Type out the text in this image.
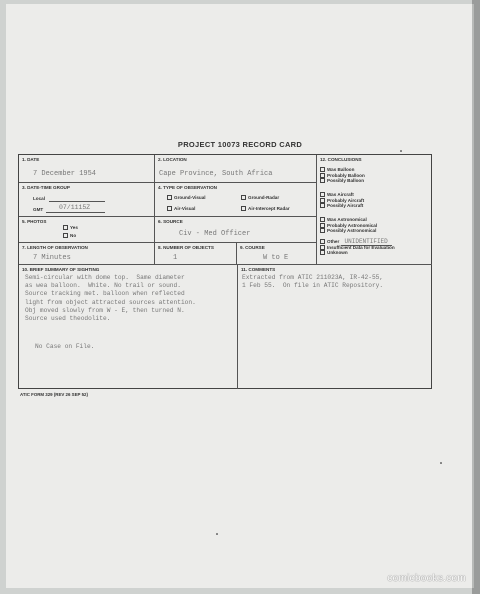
PROJECT 10073 RECORD CARD
1. DATE
7 December 1954
2. LOCATION
Cape Province, South Africa
3. DATE-TIME GROUP
Local
GMT 07/1115Z
4. TYPE OF OBSERVATION
Ground-Visual	Ground-Radar
Air-Visual	Air-Intercept Radar
5. PHOTOS
Yes
No
6. SOURCE
Civ - Med Officer
7. LENGTH OF OBSERVATION
7 Minutes
8. NUMBER OF OBJECTS
1
9. COURSE
W to E
12. CONCLUSIONS
Was Balloon
Probably Balloon
Possibly Balloon
Was Aircraft
Probably Aircraft
Possibly Aircraft
Was Astronomical
Probably Astronomical
Possibly Astronomical
Other UNIDENTIFIED
Insufficient Data for Evaluation
Unknown
10. BRIEF SUMMARY OF SIGHTING
Semi-circular with dome top.  Same diameter
as wea balloon.  White. No trail or sound.
Source tracking met. balloon when reflected
light from object attracted sources attention.
Obj moved slowly from W - E, then turned N.
Source used theodolite.
No Case on File.
11. COMMENTS
Extracted from ATIC 211023A, IR-42-55,
1 Feb 55.  On file in ATIC Repository.
ATIC FORM 329 (REV 26 SEP 52)
comicbooks.com
